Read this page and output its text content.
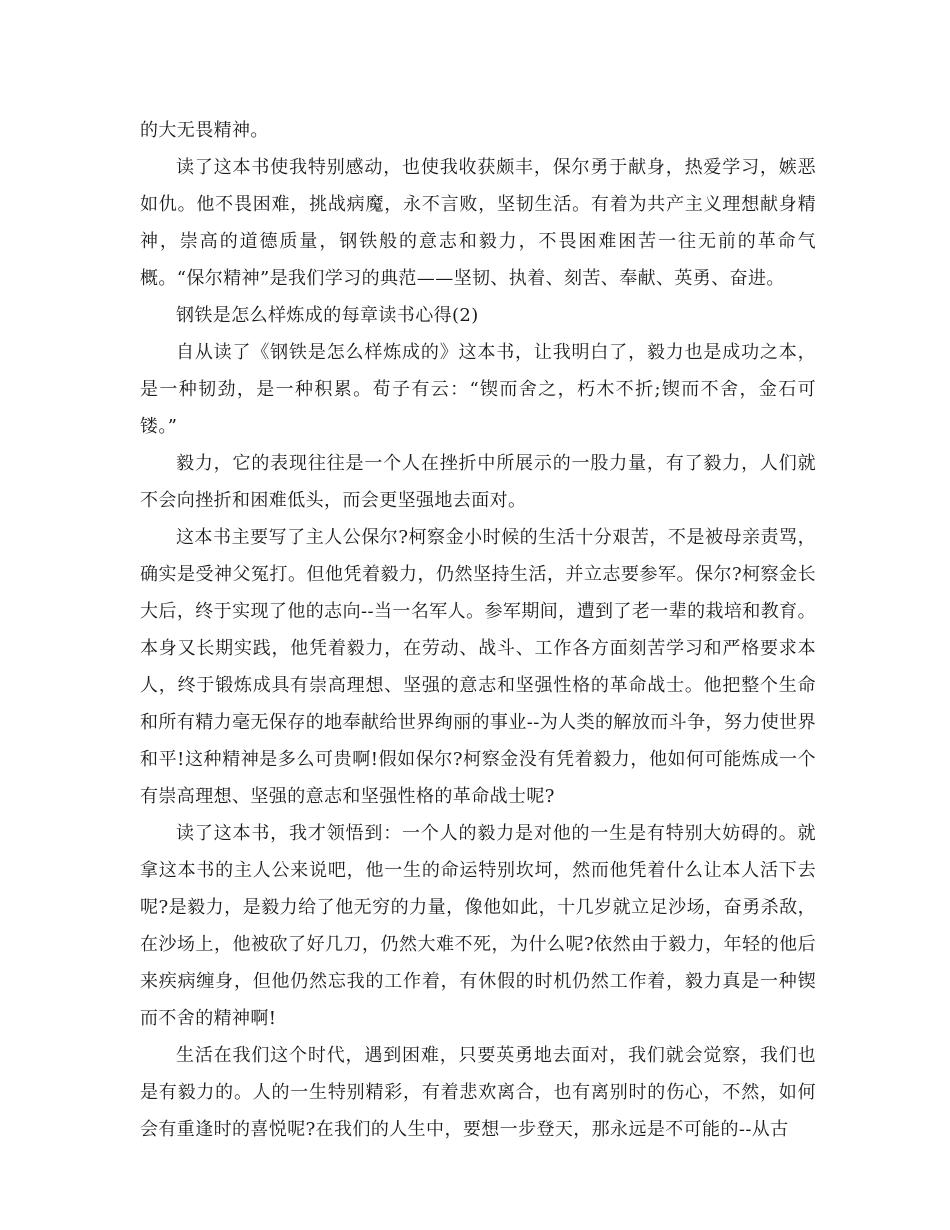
的大无畏精神。

读了这本书使我特别感动，也使我收获颇丰，保尔勇于献身，热爱学习，嫉恶如仇。他不畏困难，挑战病魔，永不言败，坚韧生活。有着为共产主义理想献身精神，崇高的道德质量，钢铁般的意志和毅力，不畏困难困苦一往无前的革命气概。“保尔精神”是我们学习的典范——坚韧、执着、刻苦、奉献、英勇、奋进。

钢铁是怎么样炼成的每章读书心得(2)

自从读了《钢铁是怎么样炼成的》这本书，让我明白了，毅力也是成功之本，是一种韧劲，是一种积累。荀子有云：“锲而舍之，朽木不折;锲而不舍，金石可镂。”

毅力，它的表现往往是一个人在挫折中所展示的一股力量，有了毅力，人们就不会向挫折和困难低头，而会更坚强地去面对。

这本书主要写了主人公保尔?柯察金小时候的生活十分艰苦，不是被母亲责骂，确实是受神父冤打。但他凭着毅力，仍然坚持生活，并立志要参军。保尔?柯察金长大后，终于实现了他的志向--当一名军人。参军期间，遭到了老一辈的栽培和教育。本身又长期实践，他凭着毅力，在劳动、战斗、工作各方面刻苦学习和严格要求本人，终于锻炼成具有崇高理想、坚强的意志和坚强性格的革命战士。他把整个生命和所有精力毫无保存的地奉献给世界绚丽的事业--为人类的解放而斗争，努力使世界和平!这种精神是多么可贵啊!假如保尔?柯察金没有凭着毅力，他如何可能炼成一个有崇高理想、坚强的意志和坚强性格的革命战士呢?

读了这本书，我才领悟到：一个人的毅力是对他的一生是有特别大妨碍的。就拿这本书的主人公来说吧，他一生的命运特别坎坷，然而他凭着什么让本人活下去呢?是毅力，是毅力给了他无穷的力量，像他如此，十几岁就立足沙场，奋勇杀敌，在沙场上，他被砍了好几刀，仍然大难不死，为什么呢?依然由于毅力，年轻的他后来疾病缠身，但他仍然忘我的工作着，有休假的时机仍然工作着，毅力真是一种锲而不舍的精神啊!

生活在我们这个时代，遇到困难，只要英勇地去面对，我们就会觉察，我们也是有毅力的。人的一生特别精彩，有着悲欢离合，也有离别时的伤心，不然，如何会有重逢时的喜悦呢?在我们的人生中，要想一步登天，那永远是不可能的--从古
